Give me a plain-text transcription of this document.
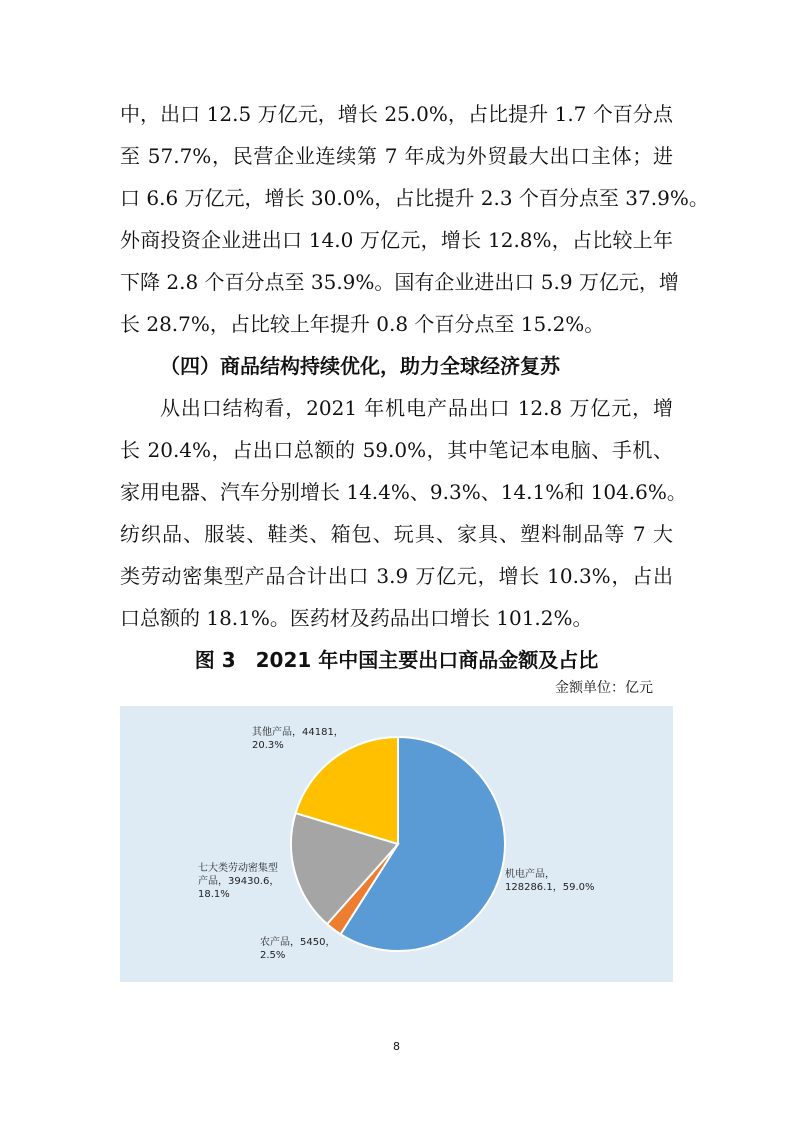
中，出口 12.5 万亿元，增长 25.0%，占比提升 1.7 个百分点
至 57.7%，民营企业连续第 7 年成为外贸最大出口主体；进
口 6.6 万亿元，增长 30.0%，占比提升 2.3 个百分点至 37.9%。
外商投资企业进出口 14.0 万亿元，增长 12.8%，占比较上年
下降 2.8 个百分点至 35.9%。国有企业进出口 5.9 万亿元，增
长 28.7%，占比较上年提升 0.8 个百分点至 15.2%。
（四）商品结构持续优化，助力全球经济复苏
从出口结构看，2021 年机电产品出口 12.8 万亿元，增
长 20.4%，占出口总额的 59.0%，其中笔记本电脑、手机、
家用电器、汽车分别增长 14.4%、9.3%、14.1%和 104.6%。
纺织品、服装、鞋类、箱包、玩具、家具、塑料制品等 7 大
类劳动密集型产品合计出口 3.9 万亿元，增长 10.3%，占出
口总额的 18.1%。医药材及药品出口增长 101.2%。
图 3　2021 年中国主要出口商品金额及占比
金额单位：亿元
机电产品， 128286.1，59.0%
农产品，5450， 2.5%
七大类劳动密集型产品，39430.6， 18.1%
其他产品，44181， 20.3%
8
